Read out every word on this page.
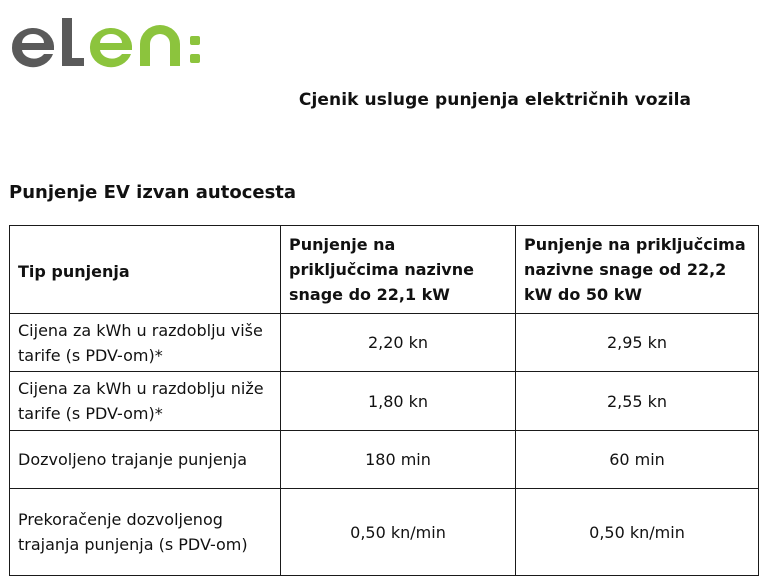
Cjenik usluge punjenja električnih vozila
Punjenje EV izvan autocesta
Tip punjenja	Punjenje na priključcima nazivne snage do 22,1 kW	Punjenje na priključcima nazivne snage od 22,2 kW do 50 kW
Cijena za kWh u razdoblju više tarife (s PDV-om)*	2,20 kn	2,95 kn
Cijena za kWh u razdoblju niže tarife (s PDV-om)*	1,80 kn	2,55 kn
Dozvoljeno trajanje punjenja	180 min	60 min
Prekoračenje dozvoljenog trajanja punjenja (s PDV-om)	0,50 kn/min	0,50 kn/min
